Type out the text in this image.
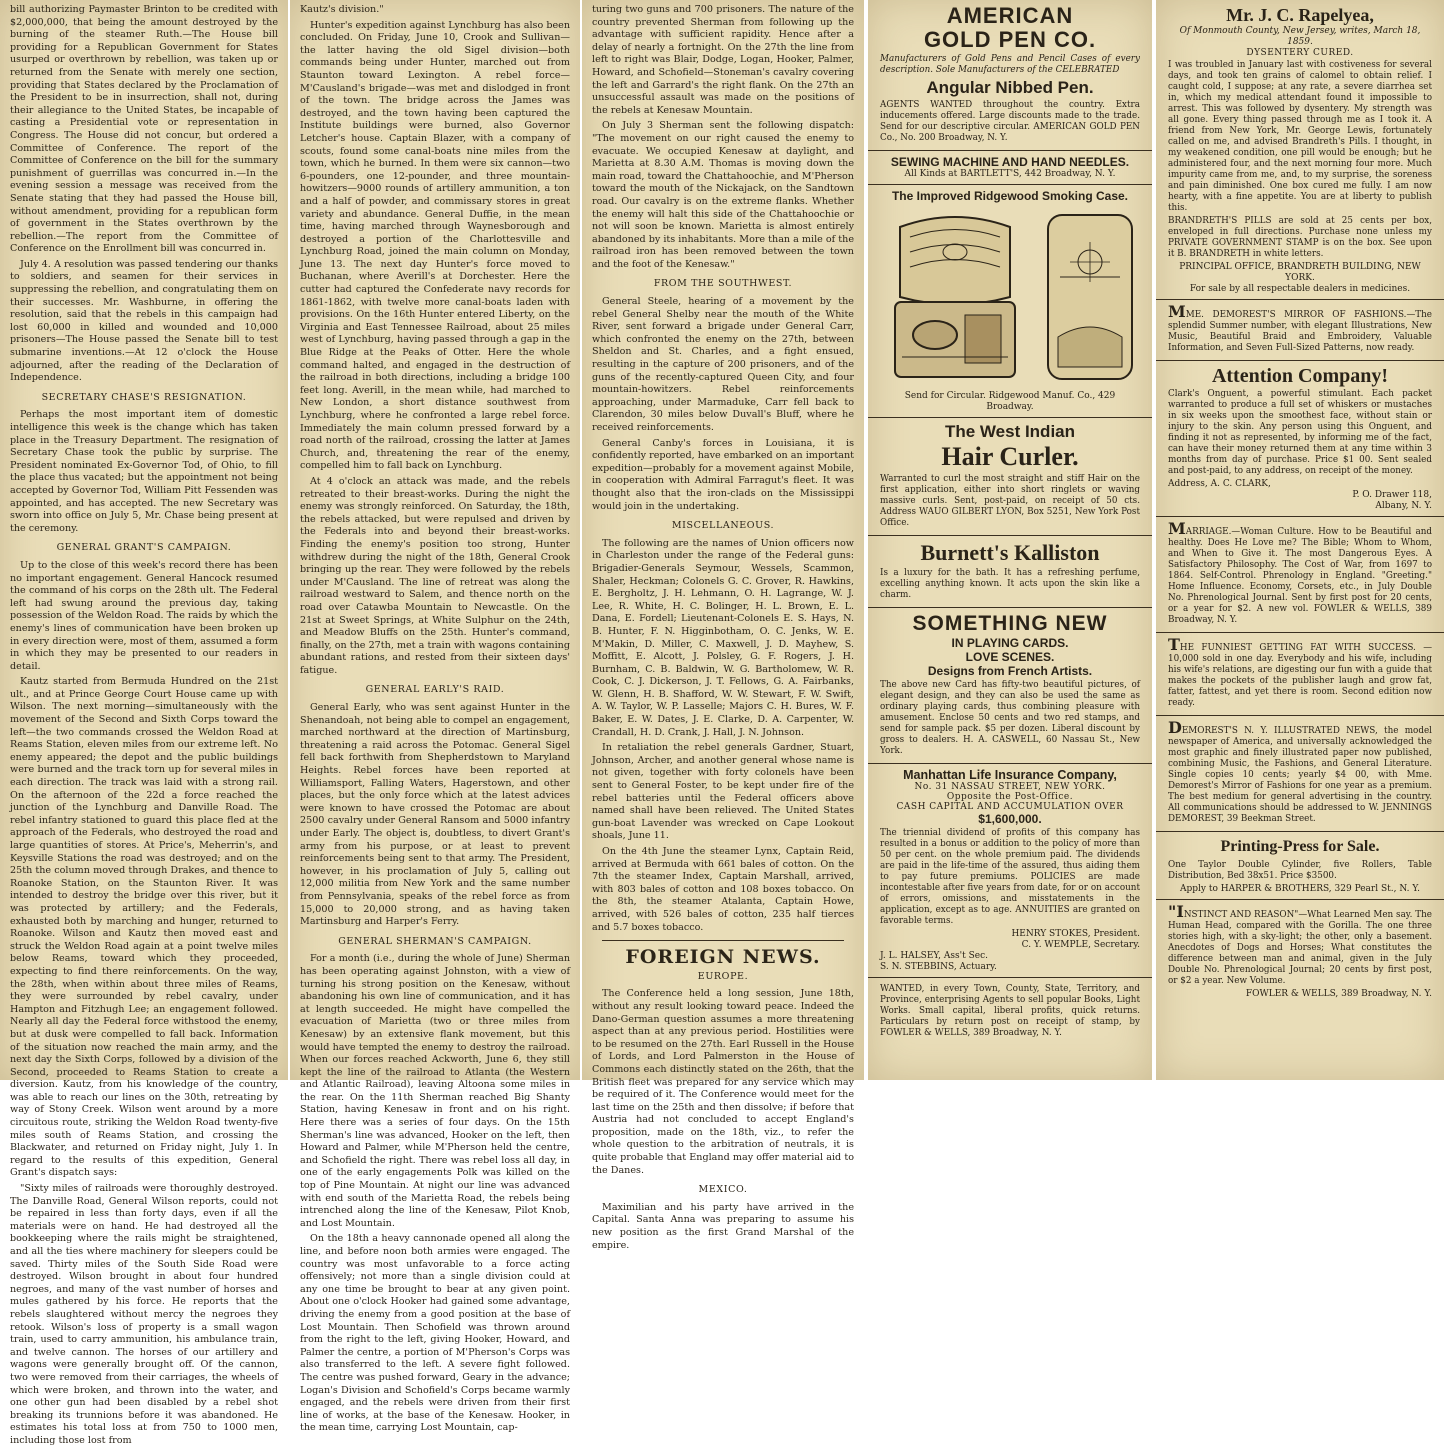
bill authorizing Paymaster Brinton to be credited with $2,000,000, that being the amount destroyed by the burning of the steamer Ruth.—The House bill providing for a Republican Government for States usurped or overthrown by rebellion, was taken up or returned from the Senate with merely one section, providing that States declared by the Proclamation of the President to be in insurrection, shall not, during their allegiance to the United States, be incapable of casting a Presidential vote or representation in Congress. The House did not concur, but ordered a Committee of Conference. The report of the Committee of Conference on the bill for the summary punishment of guerrillas was concurred in.—In the evening session a message was received from the Senate stating that they had passed the House bill, without amendment, providing for a republican form of government in the States overthrown by the rebellion.—The report from the Committee of Conference on the Enrollment bill was concurred in.

July 4. A resolution was passed tendering our thanks to soldiers, and seamen for their services in suppressing the rebellion, and congratulating them on their successes. Mr. Washburne, in offering the resolution, said that the rebels in this campaign had lost 60,000 in killed and wounded and 10,000 prisoners—The House passed the Senate bill to test submarine inventions.—At 12 o'clock the House adjourned, after the reading of the Declaration of Independence.

SECRETARY CHASE'S RESIGNATION.

Perhaps the most important item of domestic intelligence this week is the change which has taken place in the Treasury Department. The resignation of Secretary Chase took the public by surprise. The President nominated Ex-Governor Tod, of Ohio, to fill the place thus vacated; but the appointment not being accepted by Governor Tod, William Pitt Fessenden was appointed, and has accepted. The new Secretary was sworn into office on July 5, Mr. Chase being present at the ceremony.

GENERAL GRANT'S CAMPAIGN.

Up to the close of this week's record there has been no important engagement. General Hancock resumed the command of his corps on the 28th ult. The Federal left had swung around the previous day, taking possession of the Weldon Road. The raids by which the enemy's lines of communication have been broken up in every direction were, most of them, assumed a form in which they may be presented to our readers in detail.

Kautz started from Bermuda Hundred on the 21st ult., and at Prince George Court House came up with Wilson. The next morning—simultaneously with the movement of the Second and Sixth Corps toward the left—the two commands crossed the Weldon Road at Reams Station, eleven miles from our extreme left. No enemy appeared; the depot and the public buildings were burned and the track torn up for several miles in each direction. The track was laid with a strong rail. On the afternoon of the 22d a force reached the junction of the Lynchburg and Danville Road. The rebel infantry stationed to guard this place fled at the approach of the Federals, who destroyed the road and large quantities of stores. At Price's, Meherrin's, and Keysville Stations the road was destroyed; and on the 25th the column moved through Drakes, and thence to Roanoke Station, on the Staunton River. It was intended to destroy the bridge over this river, but it was protected by artillery; and the Federals, exhausted both by marching and hunger, returned to Roanoke. Wilson and Kautz then moved east and struck the Weldon Road again at a point twelve miles below Reams, toward which they proceeded, expecting to find there reinforcements. On the way, the 28th, when within about three miles of Reams, they were surrounded by rebel cavalry, under Hampton and Fitzhugh Lee; an engagement followed. Nearly all day the Federal force withstood the enemy, but at dusk were compelled to fall back. Information of the situation now reached the main army, and the next day the Sixth Corps, followed by a division of the Second, proceeded to Reams Station to create a diversion. Kautz, from his knowledge of the country, was able to reach our lines on the 30th, retreating by way of Stony Creek. Wilson went around by a more circuitous route, striking the Weldon Road twenty-five miles south of Reams Station, and crossing the Blackwater, and returned on Friday night, July 1. In regard to the results of this expedition, General Grant's dispatch says:

"Sixty miles of railroads were thoroughly destroyed. The Danville Road, General Wilson reports, could not be repaired in less than forty days, even if all the materials were on hand. He had destroyed all the bookkeeping where the rails might be straightened, and all the ties where machinery for sleepers could be saved. Thirty miles of the South Side Road were destroyed. Wilson brought in about four hundred negroes, and many of the vast number of horses and mules gathered by his force. He reports that the rebels slaughtered without mercy the negroes they retook. Wilson's loss of property is a small wagon train, used to carry ammunition, his ambulance train, and twelve cannon. The horses of our artillery and wagons were generally brought off. Of the cannon, two were removed from their carriages, the wheels of which were broken, and thrown into the water, and one other gun had been disabled by a rebel shot breaking its trunnions before it was abandoned. He estimates his total loss at from 750 to 1000 men, including those lost from

Kautz's division."

Hunter's expedition against Lynchburg has also been concluded. On Friday, June 10, Crook and Sullivan—the latter having the old Sigel division—both commands being under Hunter, marched out from Staunton toward Lexington. A rebel force—M'Causland's brigade—was met and dislodged in front of the town. The bridge across the James was destroyed, and the town having been captured the Institute buildings were burned, also Governor Letcher's house. Captain Blazer, with a company of scouts, found some canal-boats nine miles from the town, which he burned. In them were six cannon—two 6-pounders, one 12-pounder, and three mountain-howitzers—9000 rounds of artillery ammunition, a ton and a half of powder, and commissary stores in great variety and abundance. General Duffie, in the mean time, having marched through Waynesborough and destroyed a portion of the Charlottesville and Lynchburg Road, joined the main column on Monday, June 13. The next day Hunter's force moved to Buchanan, where Averill's at Dorchester. Here the cutter had captured the Confederate navy records for 1861-1862, with twelve more canal-boats laden with provisions. On the 16th Hunter entered Liberty, on the Virginia and East Tennessee Railroad, about 25 miles west of Lynchburg, having passed through a gap in the Blue Ridge at the Peaks of Otter. Here the whole command halted, and engaged in the destruction of the railroad in both directions, including a bridge 100 feet long. Averill, in the mean while, had marched to New London, a short distance southwest from Lynchburg, where he confronted a large rebel force. Immediately the main column pressed forward by a road north of the railroad, crossing the latter at James Church, and, threatening the rear of the enemy, compelled him to fall back on Lynchburg.

At 4 o'clock an attack was made, and the rebels retreated to their breast-works. During the night the enemy was strongly reinforced. On Saturday, the 18th, the rebels attacked, but were repulsed and driven by the Federals into and beyond their breast-works. Finding the enemy's position too strong, Hunter withdrew during the night of the 18th, General Crook bringing up the rear. They were followed by the rebels under M'Causland. The line of retreat was along the railroad westward to Salem, and thence north on the road over Catawba Mountain to Newcastle. On the 21st at Sweet Springs, at White Sulphur on the 24th, and Meadow Bluffs on the 25th. Hunter's command, finally, on the 27th, met a train with wagons containing abundant rations, and rested from their sixteen days' fatigue.

GENERAL EARLY'S RAID.

General Early, who was sent against Hunter in the Shenandoah, not being able to compel an engagement, marched northward at the direction of Martinsburg, threatening a raid across the Potomac. General Sigel fell back forthwith from Shepherdstown to Maryland Heights. Rebel forces have been reported at Williamsport, Falling Waters, Hagerstown, and other places, but the only force which at the latest advices were known to have crossed the Potomac are about 2500 cavalry under General Ransom and 5000 infantry under Early. The object is, doubtless, to divert Grant's army from his purpose, or at least to prevent reinforcements being sent to that army. The President, however, in his proclamation of July 5, calling out 12,000 militia from New York and the same number from Pennsylvania, speaks of the rebel force as from 15,000 to 20,000 strong, and as having taken Martinsburg and Harper's Ferry.

GENERAL SHERMAN'S CAMPAIGN.

For a month (i.e., during the whole of June) Sherman has been operating against Johnston, with a view of turning his strong position on the Kenesaw, without abandoning his own line of communication, and it has at length succeeded. He might have compelled the evacuation of Marietta (two or three miles from Kenesaw) by an extensive flank movement, but this would have tempted the enemy to destroy the railroad. When our forces reached Ackworth, June 6, they still kept the line of the railroad to Atlanta (the Western and Atlantic Railroad), leaving Altoona some miles in the rear. On the 11th Sherman reached Big Shanty Station, having Kenesaw in front and on his right. Here there was a series of four days. On the 15th Sherman's line was advanced, Hooker on the left, then Howard and Palmer, while M'Pherson held the centre, and Schofield the right. There was rebel loss all day, in one of the early engagements Polk was killed on the top of Pine Mountain. At night our line was advanced with end south of the Marietta Road, the rebels being intrenched along the line of the Kenesaw, Pilot Knob, and Lost Mountain.

On the 18th a heavy cannonade opened all along the line, and before noon both armies were engaged. The country was most unfavorable to a force acting offensively; not more than a single division could at any one time be brought to bear at any given point. About one o'clock Hooker had gained some advantage, driving the enemy from a good position at the base of Lost Mountain. Then Schofield was thrown around from the right to the left, giving Hooker, Howard, and Palmer the centre, a portion of M'Pherson's Corps was also transferred to the left. A severe fight followed. The centre was pushed forward, Geary in the advance; Logan's Division and Schofield's Corps became warmly engaged, and the rebels were driven from their first line of works, at the base of the Kenesaw. Hooker, in the mean time, carrying Lost Mountain, cap-

turing two guns and 700 prisoners. The nature of the country prevented Sherman from following up the advantage with sufficient rapidity. Hence after a delay of nearly a fortnight. On the 27th the line from left to right was Blair, Dodge, Logan, Hooker, Palmer, Howard, and Schofield—Stoneman's cavalry covering the left and Garrard's the right flank. On the 27th an unsuccessful assault was made on the positions of the rebels at Kenesaw Mountain.

On July 3 Sherman sent the following dispatch: "The movement on our right caused the enemy to evacuate. We occupied Kenesaw at daylight, and Marietta at 8.30 A.M. Thomas is moving down the main road, toward the Chattahoochie, and M'Pherson toward the mouth of the Nickajack, on the Sandtown road. Our cavalry is on the extreme flanks. Whether the enemy will halt this side of the Chattahoochie or not will soon be known. Marietta is almost entirely abandoned by its inhabitants. More than a mile of the railroad iron has been removed between the town and the foot of the Kenesaw."

FROM THE SOUTHWEST.

General Steele, hearing of a movement by the rebel General Shelby near the mouth of the White River, sent forward a brigade under General Carr, which confronted the enemy on the 27th, between Sheldon and St. Charles, and a fight ensued, resulting in the capture of 200 prisoners, and of the guns of the recently-captured Queen City, and four mountain-howitzers. Rebel reinforcements approaching, under Marmaduke, Carr fell back to Clarendon, 30 miles below Duvall's Bluff, where he received reinforcements.

General Canby's forces in Louisiana, it is confidently reported, have embarked on an important expedition—probably for a movement against Mobile, in cooperation with Admiral Farragut's fleet. It was thought also that the iron-clads on the Mississippi would join in the undertaking.

MISCELLANEOUS.

The following are the names of Union officers now in Charleston under the range of the Federal guns: Brigadier-Generals Seymour, Wessels, Scammon, Shaler, Heckman; Colonels G. C. Grover, R. Hawkins, E. Bergholtz, J. H. Lehmann, O. H. Lagrange, W. J. Lee, R. White, H. C. Bolinger, H. L. Brown, E. L. Dana, E. Fordell; Lieutenant-Colonels E. S. Hays, N. B. Hunter, F. N. Higginbotham, O. C. Jenks, W. E. M'Makin, D. Miller, C. Maxwell, J. D. Mayhew, S. Moffitt, E. Alcott, J. Polsley, G. F. Rogers, J. H. Burnham, C. B. Baldwin, W. G. Bartholomew, W. R. Cook, C. J. Dickerson, J. T. Fellows, G. A. Fairbanks, W. Glenn, H. B. Shafford, W. W. Stewart, F. W. Swift, A. W. Taylor, W. P. Lasselle; Majors C. H. Bures, W. F. Baker, E. W. Dates, J. E. Clarke, D. A. Carpenter, W. Crandall, H. D. Crank, J. Hall, J. N. Johnson.

In retaliation the rebel generals Gardner, Stuart, Johnson, Archer, and another general whose name is not given, together with forty colonels have been sent to General Foster, to be kept under fire of the rebel batteries until the Federal officers above named shall have been relieved. The United States gun-boat Lavender was wrecked on Cape Lookout shoals, June 11.

On the 4th June the steamer Lynx, Captain Reid, arrived at Bermuda with 661 bales of cotton. On the 7th the steamer Index, Captain Marshall, arrived, with 803 bales of cotton and 108 boxes tobacco. On the 8th, the steamer Atalanta, Captain Howe, arrived, with 526 bales of cotton, 235 half tierces and 5.7 boxes tobacco.

FOREIGN NEWS.
EUROPE.

The Conference held a long session, June 18th, without any result looking toward peace. Indeed the Dano-German question assumes a more threatening aspect than at any previous period. Hostilities were to be resumed on the 27th. Earl Russell in the House of Lords, and Lord Palmerston in the House of Commons each distinctly stated on the 26th, that the British fleet was prepared for any service which may be required of it. The Conference would meet for the last time on the 25th and then dissolve; if before that Austria had not concluded to accept England's proposition, made on the 18th, viz., to refer the whole question to the arbitration of neutrals, it is quite probable that England may offer material aid to the Danes.

MEXICO.

Maximilian and his party have arrived in the Capital. Santa Anna was preparing to assume his new position as the first Grand Marshal of the empire.

AMERICAN
GOLD PEN CO.
Manufacturers of Gold Pens and Pencil Cases of every description. Sole Manufacturers of the CELEBRATED
Angular Nibbed Pen.
AGENTS WANTED throughout the country. Extra inducements offered. Large discounts made to the trade. Send for our descriptive circular. AMERICAN GOLD PEN Co., No. 200 Broadway, N. Y.
SEWING MACHINE AND HAND NEEDLES.
All Kinds at BARTLETT'S, 442 Broadway, N. Y.
The Improved Ridgewood Smoking Case.
Send for Circular. Ridgewood Manuf. Co., 429 Broadway.
The West Indian
Hair Curler.
Warranted to curl the most straight and stiff Hair on the first application, either into short ringlets or waving massive curls. Sent, post-paid, on receipt of 50 cts. Address WAUO GILBERT LYON, Box 5251, New York Post Office.
Burnett's Kalliston
Is a luxury for the bath. It has a refreshing perfume, excelling anything known. It acts upon the skin like a charm.
SOMETHING NEW
IN PLAYING CARDS.
LOVE SCENES.
Designs from French Artists.
The above new Card has fifty-two beautiful pictures, of elegant design, and they can also be used the same as ordinary playing cards, thus combining pleasure with amusement. Enclose 50 cents and two red stamps, and send for sample pack. $5 per dozen. Liberal discount by gross to dealers. H. A. CASWELL, 60 Nassau St., New York.
Manhattan Life Insurance Company,
No. 31 NASSAU STREET, NEW YORK.
Opposite the Post-Office.
CASH CAPITAL AND ACCUMULATION OVER
$1,600,000.
The triennial dividend of profits of this company has resulted in a bonus or addition to the policy of more than 50 per cent. on the whole premium paid. The dividends are paid in the life-time of the assured, thus aiding them to pay future premiums. POLICIES are made incontestable after five years from date, for or on account of errors, omissions, and misstatements in the application, except as to age. ANNUITIES are granted on favorable terms.
HENRY STOKES, President.
C. Y. WEMPLE, Secretary.
J. L. HALSEY, Ass't Sec.
S. N. STEBBINS, Actuary.
WANTED, in every Town, County, State, Territory, and Province, enterprising Agents to sell popular Books, Light Works. Small capital, liberal profits, quick returns. Particulars by return post on receipt of stamp, by FOWLER & WELLS, 389 Broadway, N. Y.
Mr. J. C. Rapelyea,
Of Monmouth County, New Jersey, writes, March 18, 1859.
DYSENTERY CURED.
I was troubled in January last with costiveness for several days, and took ten grains of calomel to obtain relief. I caught cold, I suppose; at any rate, a severe diarrhea set in, which my medical attendant found it impossible to arrest. This was followed by dysentery. My strength was all gone. Every thing passed through me as I took it. A friend from New York, Mr. George Lewis, fortunately called on me, and advised Brandreth's Pills. I thought, in my weakened condition, one pill would be enough; but he administered four, and the next morning four more. Much impurity came from me, and, to my surprise, the soreness and pain diminished. One box cured me fully. I am now hearty, with a fine appetite. You are at liberty to publish this.
BRANDRETH'S PILLS are sold at 25 cents per box, enveloped in full directions. Purchase none unless my PRIVATE GOVERNMENT STAMP is on the box. See upon it B. BRANDRETH in white letters.
PRINCIPAL OFFICE, BRANDRETH BUILDING, NEW YORK.
For sale by all respectable dealers in medicines.
MME. DEMOREST'S MIRROR OF FASHIONS.—The splendid Summer number, with elegant Illustrations, New Music, Beautiful Braid and Embroidery, Valuable Information, and Seven Full-Sized Patterns, now ready.
Attention Company!
Clark's Onguent, a powerful stimulant. Each packet warranted to produce a full set of whiskers or mustaches in six weeks upon the smoothest face, without stain or injury to the skin. Any person using this Onguent, and finding it not as represented, by informing me of the fact, can have their money returned them at any time within 3 months from day of purchase. Price $1 00. Sent sealed and post-paid, to any address, on receipt of the money.
Address, A. C. CLARK,
P. O. Drawer 118,
Albany, N. Y.
MARRIAGE.—Woman Culture. How to be Beautiful and healthy. Does He Love me? The Bible; Whom to Whom, and When to Give it. The most Dangerous Eyes. A Satisfactory Philosophy. The Cost of War, from 1697 to 1864. Self-Control. Phrenology in England. "Greeting." Home Influence. Economy, Corsets, etc., in July Double No. Phrenological Journal. Sent by first post for 20 cents, or a year for $2. A new vol. FOWLER & WELLS, 389 Broadway, N. Y.
THE FUNNIEST GETTING FAT WITH SUCCESS. —10,000 sold in one day. Everybody and his wife, including his wife's relations, are digesting our fun with a guide that makes the pockets of the publisher laugh and grow fat, fatter, fattest, and yet there is room. Second edition now ready.
DEMOREST'S N. Y. ILLUSTRATED NEWS, the model newspaper of America, and universally acknowledged the most graphic and finely illustrated paper now published, combining Music, the Fashions, and General Literature. Single copies 10 cents; yearly $4 00, with Mme. Demorest's Mirror of Fashions for one year as a premium. The best medium for general advertising in the country. All communications should be addressed to W. JENNINGS DEMOREST, 39 Beekman Street.
Printing-Press for Sale.
One Taylor Double Cylinder, five Rollers, Table Distribution, Bed 38x51. Price $3500.
Apply to HARPER & BROTHERS, 329 Pearl St., N. Y.
"INSTINCT AND REASON"—What Learned Men say. The Human Head, compared with the Gorilla. The one three stories high, with a sky-light; the other, only a basement. Anecdotes of Dogs and Horses; What constitutes the difference between man and animal, given in the July Double No. Phrenological Journal; 20 cents by first post, or $2 a year. New Volume.
FOWLER & WELLS, 389 Broadway, N. Y.
